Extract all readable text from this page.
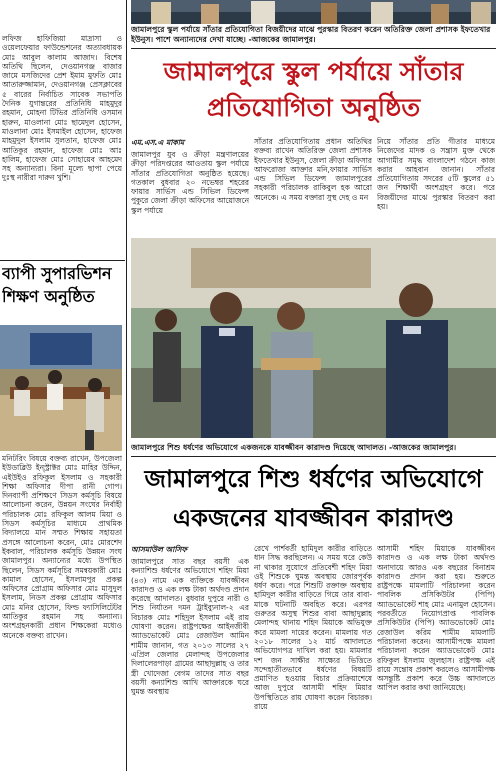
লফিজ হাফিজিয়া মাদ্রাসা ও ওয়েলফেয়ার ফাউন্ডেশনের অত্যাবধায়ক মোঃ আবুল কালাম আজাদ। বিশেষ অতিথি ছিলেন, দেওয়ানগঞ্জ বাজার জামে মসজিদের প্রেশ ইমাম মুফতি মোঃ আতারুজ্জামান, দেওয়ানগঞ্জ প্রেসক্লাবের ৫ বারের নির্বাচিত সাবেক সভাপতি দৈনিক যুগান্তরের প্রতিনিধি মাহমুদুর রহমান, মোহনা টিভির প্রতিনিধি ওসমান হারুন, মাওলানা মোঃ ছামেদুল হোসেন, মাওলানা মোঃ ইসমাইল হোসেন, হাফেজ মাহমুদুল ইসলাম সুলতান, হাফেজ মোঃ আতিকুর রহমান, হাফেজ মোঃ আঃ হালিম, হাফেজ মোঃ সোহায়েব আহমেদ সহ অন্যান্যরা। বিনা মূল্যে ছাপা পেয়ে দুঃস্থ নারীরা দারুন খুশি।

ব্যাপী সুপারভিশন শিক্ষণ অনুষ্ঠিত

মনিটরিং বিষয়ে বক্তব্য রাখেন, উপজেলা ইউডাব্লিউ ইন্স্ট্রাক্টর মোঃ মাহির উদ্দিন, এইউইও রফিকুল ইসলাম ও সহকারী শিক্ষা অফিসার দীপা রানী গোপ। দিনব্যাপী প্রশিক্ষণে সিডস কর্মসূচি বিষয়ে আলোচনা করেন, উন্নয়ন সংঘের নির্বাহী পরিচালক মোঃ রফিকুল আলম মিয়া ও সিডস কর্মসূচির মাধ্যমে প্রাথমিক বিদ্যালয়ে মান সম্মত শিক্ষায় সহায়তা প্রসঙ্গে আলোচনা করেন, মোঃ মোরশেদ ইকবাল, পরিচালক কর্মসূচি উন্নয়ন সংঘ জামালপুর। অন্যান্যের মধ্যে উপস্থিত ছিলেন, সিডস কর্মসূচির সমন্বয়কারী মোঃ কামাল হোসেন, ইসলামপুর প্রকল্প অফিসের প্রোগ্রাম অফিসার মোঃ মাসুদুল ইসলাম, নিডস প্রকল্প প্রোগ্রাম অফিসার মোঃ মনির হোসেন, ফিল্ড ফ্যাসিলিটেটর আতিকুর রহমান সহ অন্যান্য। অংশগ্রহনকারী প্রধান শিক্ষকেরা মধ্যেও অনেকে বক্তব্য রাখেন।

জামালপুরে স্কুল পর্যায়ে সাঁতার প্রতিযোগিতা বিজয়ীদের মাঝে পুরস্কার বিতরণ করেন অতিরিক্ত জেলা প্রশাসক ইফতেখার ইউনুস। পাশে অন্যান্যদের দেখা যাচ্ছে। -আজকের জামালপুর।
জামালপুরে স্কুল পর্যায়ে সাঁতার
প্রতিযোগিতা অনুষ্ঠিত
এম.এস.এ মাকাম

জামালপুর যুব ও ক্রীড়া মন্ত্রণালয়ের ক্রীড়া পরিদপ্তরের আওতায় স্কুল পর্যায়ে সাঁতার প্রতিযোগিতা অনুষ্ঠিত হয়েছে। গতকাল বুধবার ২০ নভেম্বর শহরের ফায়ার সার্ভিস এন্ড সিভিল ডিফেন্স পুকুরে জেলা ক্রীড়া অফিসের আয়োজনে স্কুল পর্যায়ে

সাঁতার প্রতিযোগিতায় প্রধান অতিথির বক্তব্য রাখেন অতিরিক্ত জেলা প্রশাসক ইফতেখার ইউনুস, জেলা ক্রীড়া অফিসার আফরোজা আক্তার মনি,ফায়ার সার্ভিস এন্ড সিভিল ডিফেন্স জামালপুরের সহকারী পরিচালক রাকিবুল হক আরো অনেকে। এ সময় বক্তারা সুস্থ দেহ ও মন

নিয়ে সাঁতার প্রতি গীতার মাধ্যমে নিজেদের মাদক ও সন্ত্রাস মুক্ত থেকে আগামীর সমৃদ্ধ বাংলাদেশ গঠনে কাজ করার আহবান জানান। সাঁতার প্রতিযোগিতায় সদরের ৫টি স্কুলের ৫১ জন শিক্ষার্থী অংশগ্রহণ করে। পরে বিজয়ীদের মাঝে পুরস্কার বিতরণ করা হয়।

জামালপুরে শিশু ধর্ষণের অভিযোগে একজনকে যাবজ্জীবন কারাদণ্ড দিয়েছে আদালত। -আজকের জামালপুর।
জামালপুরে শিশু ধর্ষণের অভিযোগে
একজনের যাবজ্জীবন কারাদণ্ড
আসমাউল আসিফ

জামালপুরে সাত বছর বয়সী এক কন্যাশিশু ধর্ষণের অভিযোগে শহিদ মিয়া (৪৩) নামে এক ব্যক্তিকে যাবজ্জীবন কারাদণ্ড ও এক লক্ষ টাকা অর্থদণ্ড প্রদান করেছে আদালত। বুধবার দুপুরে নারী ও শিশু নির্যাতন দমন ট্রাইব্যুনাল-২ এর বিচারক মোঃ শহিদুল ইসলাম এই রায় ঘোষণা করেন। রাষ্ট্রপক্ষের আইনজীবী অ্যাডভোকেট মোঃ রেজাউল আমিন শামীম জানান, গত ২০১৩ সালের ২৭ এপ্রিল জেলার মেলান্দহ উপজেলার দিলালেরপাড়া গ্রামের আছাদুল্লাহ ও তার স্ত্রী খোদেজা বেগম তাদের সাত বছর বয়সী কন্যাশিশু আখি আক্তারকে ঘরে ঘুমন্ত অবস্থায়

রেখে পার্শবর্তী হামিদুল কারীর বাড়িতে ধান সিদ্ধ করছিলেন। এ সময় ঘরে কেউ না থাকার সুযোগে প্রতিবেশী শহিদ মিয়া ওই শিশুকে ঘুমন্ত অবস্থায় জোরপূর্বক ধর্ষণ করে। পরে শিশুটি রক্তাক্ত অবস্থায় হামিদুল কারীর বাড়িতে গিয়ে তার বাবা-মাকে ঘটনাটি অবহিত করে। এরপর গুরুতর অসুস্থ শিশুর বাবা আছাদুল্লাহ মেলান্দহ থানায় শহিদ মিয়াকে অভিযুক্ত করে মামলা দায়ের করেন। মামলায় গত ২০১৮ সালের ১২ মার্চ আদালতে অভিযোগপত্র দাখিল করা হয়। মামলার দশ জন সাক্ষীর সাক্ষ্যের ভিত্তিতে সন্দেহাতীতভাবে ধর্ষণের বিষয়টি প্রমাণিত হওয়ায় বিচার প্রক্রিয়াশেষে আজ দুপুরে আসামী শহিদ মিয়ার উপস্থিতিতে রায় ঘোষণা করেন বিচারক। রায়ে

আসামী শহিদ মিয়াকে যাবজ্জীবন কারাদণ্ড ও এক লক্ষ টাকা অর্থদণ্ড অনাদায়ে আরও এক বছরের বিনাশ্রম কারাদণ্ড প্রদান করা হয়। শুরুতে রাষ্ট্রপক্ষে মামলাটি পরিচালনা করেন পাবলিক প্রসিকিউটর (পিপি) অ্যাডভোকেট শাহ মোঃ এনামুল হোসেন। পরবর্তীতে নিয়োগপ্রাপ্ত পাবলিক প্রসিকিউটর (পিপি) অ্যাডভোকেট মোঃ রেজাউল করিম শামীম মামলাটি পরিচালনা করেন। আসামীপক্ষে মামলা পরিচালনা করেন অ্যাডভোকেট মোঃ রফিকুল ইসলাম জুলহাস। রাষ্ট্রপক্ষ এই রায়ে সন্তোষ প্রকাশ করলেও আসামীপক্ষ অসন্তুষ্টি প্রকাশ করে উচ্চ আদালতে আপিল করার কথা জানিয়েছে।
